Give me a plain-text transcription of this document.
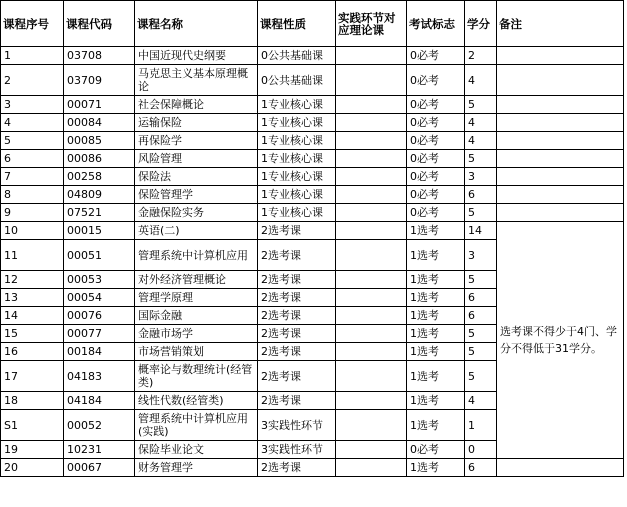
课程序号	课程代码	课程名称	课程性质	实践环节对应理论课	考试标志	学分	备注
1	03708	中国近现代史纲要	0公共基础课		0必考	2	
2	03709	马克思主义基本原理概论	0公共基础课		0必考	4	
3	00071	社会保障概论	1专业核心课		0必考	5	
4	00084	运输保险	1专业核心课		0必考	4	
5	00085	再保险学	1专业核心课		0必考	4	
6	00086	风险管理	1专业核心课		0必考	5	
7	00258	保险法	1专业核心课		0必考	3	
8	04809	保险管理学	1专业核心课		0必考	6	
9	07521	金融保险实务	1专业核心课		0必考	5	
10	00015	英语(二)	2选考课		1选考	14	选考课不得少于4门、学分不得低于31学分。
11	00051	管理系统中计算机应用	2选考课		1选考	3	
12	00053	对外经济管理概论	2选考课		1选考	5	
13	00054	管理学原理	2选考课		1选考	6	
14	00076	国际金融	2选考课		1选考	6	
15	00077	金融市场学	2选考课		1选考	5	
16	00184	市场营销策划	2选考课		1选考	5	
17	04183	概率论与数理统计(经管类)	2选考课		1选考	5	
18	04184	线性代数(经管类)	2选考课		1选考	4	
S1	00052	管理系统中计算机应用(实践)	3实践性环节		1选考	1	
19	10231	保险毕业论文	3实践性环节		0必考	0	
20	00067	财务管理学	2选考课		1选考	6	
